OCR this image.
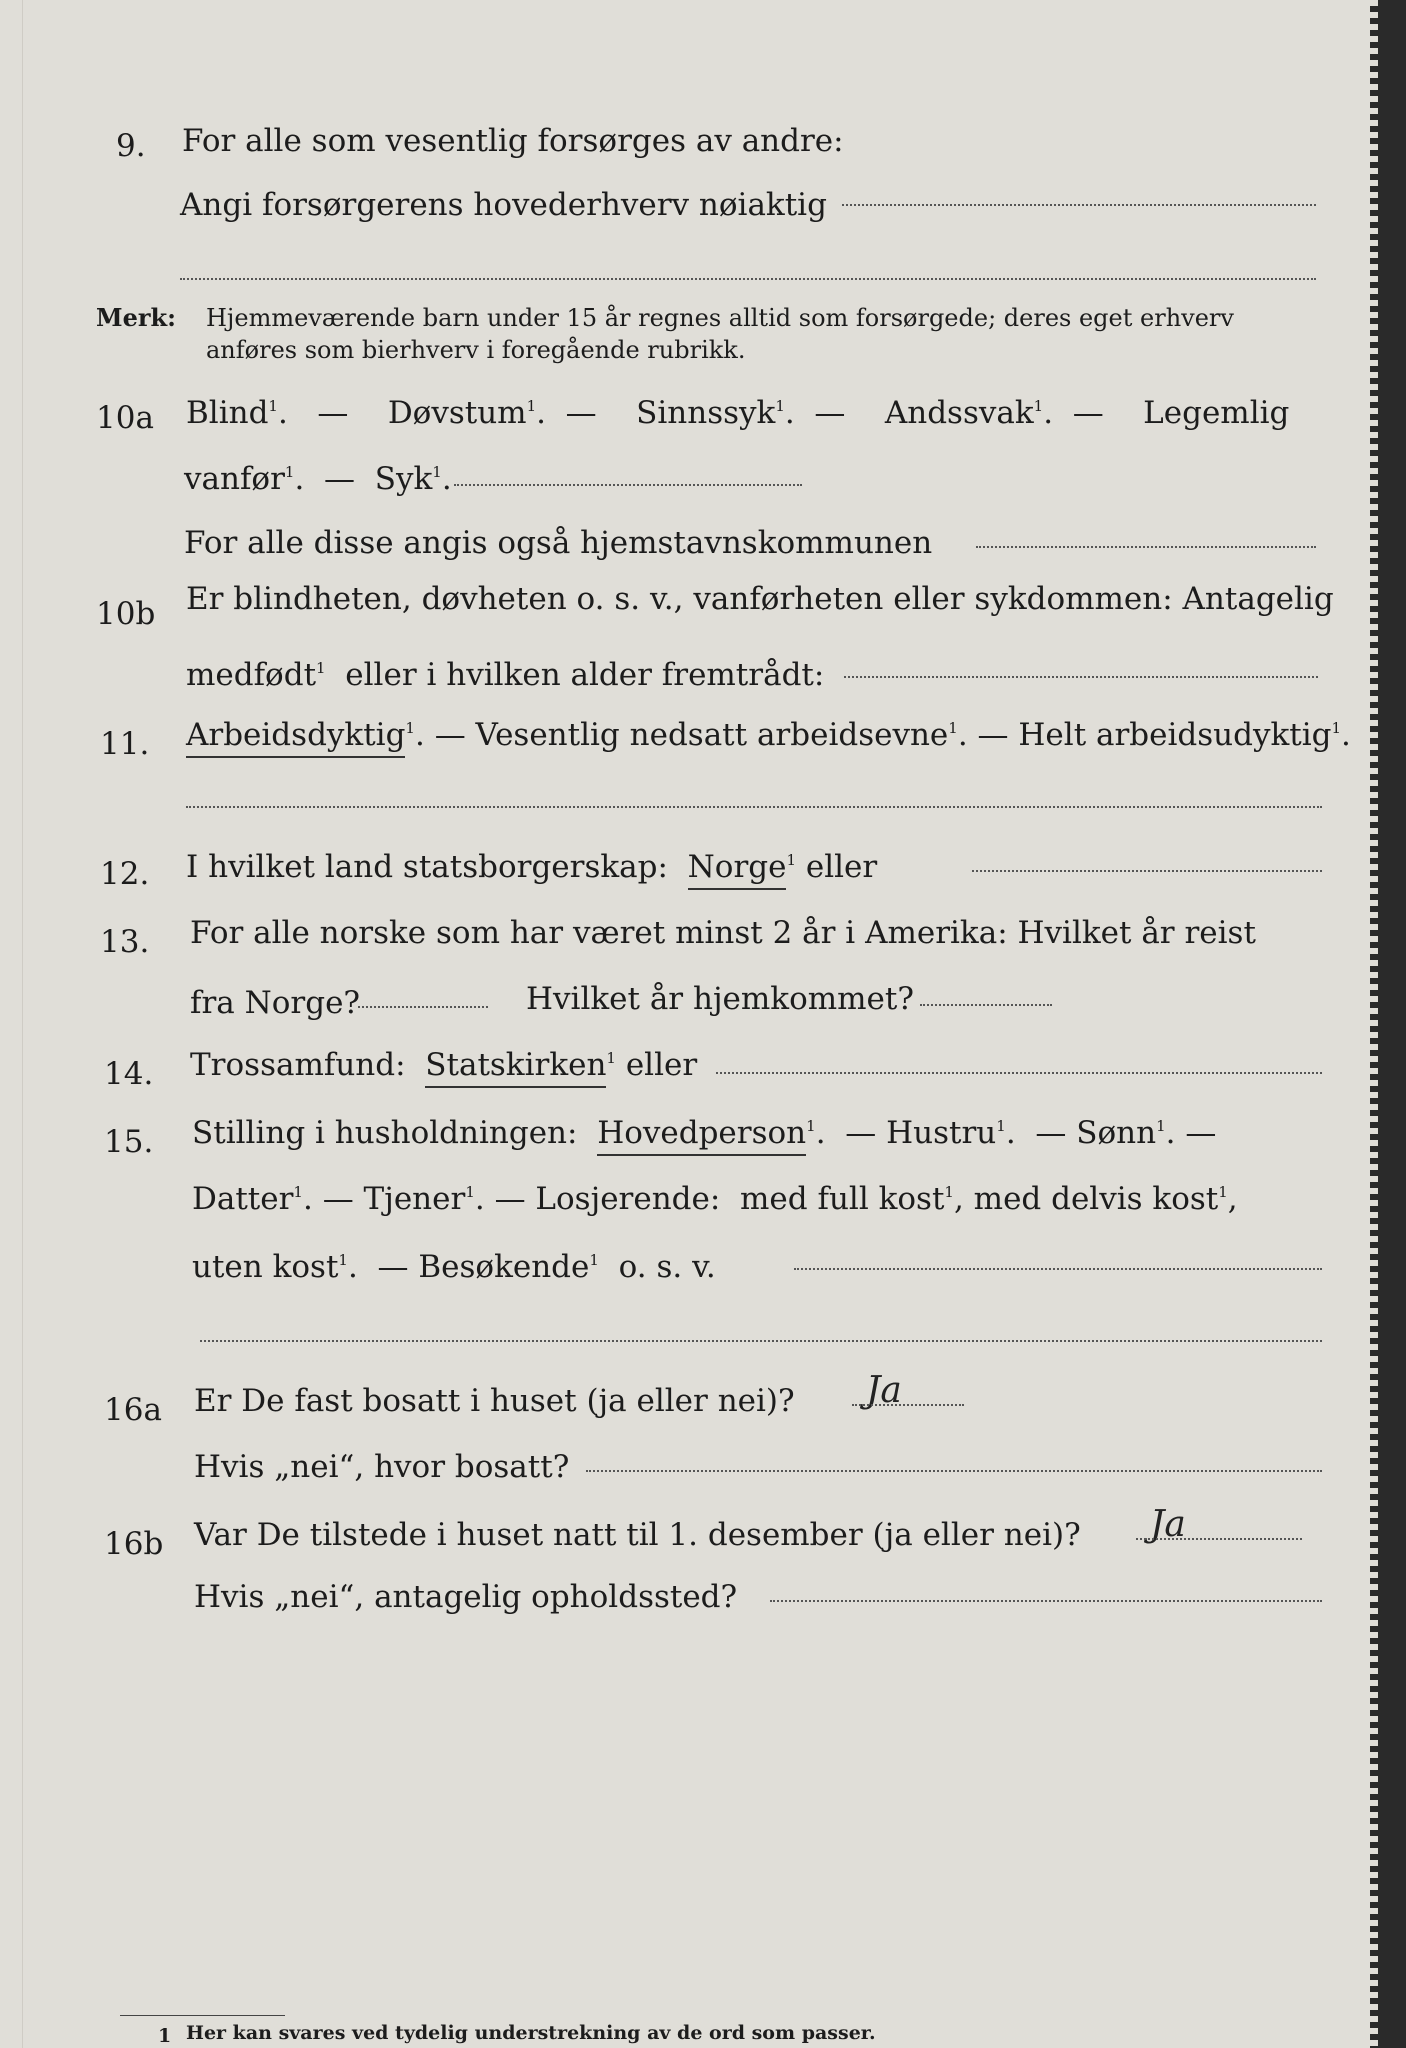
9. For alle som vesentlig forsørges av andre:
Angi forsørgerens hovederhverv nøiaktig
Merk: Hjemmeværende barn under 15 år regnes alltid som forsørgede; deres eget erhverv
anføres som bierhverv i foregående rubrikk.
10a Blind$^1$.   —    Døvstum$^1$.  —    Sinnssyk$^1$.  —    Andssvak$^1$.  —    Legemlig
vanfør$^1$.  —  Syk$^1$.
For alle disse angis også hjemstavnskommunen
10b Er blindheten, døvheten o. s. v., vanførheten eller sykdommen: Antagelig
medfødt$^1$ eller i hvilken alder fremtrådt:
11. Arbeidsdyktig$^1$. — Vesentlig nedsatt arbeidsevne$^1$. — Helt arbeidsudyktig$^1$.
12. I hvilket land statsborgerskap: Norge$^1$ eller
13. For alle norske som har været minst 2 år i Amerika: Hvilket år reist
fra Norge?	Hvilket år hjemkommet?
14. Trossamfund: Statskirken$^1$ eller
15. Stilling i husholdningen: Hovedperson$^1$.  — Hustru$^1$.  — Sønn$^1$. —
Datter$^1$. — Tjener$^1$. — Losjerende: med full kost$^1$, med delvis kost$^1$,
uten kost$^1$.  — Besøkende$^1$ o. s. v.
16a Er De fast bosatt i huset (ja eller nei)? Ja
Hvis „nei“, hvor bosatt?
16b Var De tilstede i huset natt til 1. desember (ja eller nei)? Ja
Hvis „nei“, antagelig opholdssted?
1 Her kan svares ved tydelig understrekning av de ord som passer.
